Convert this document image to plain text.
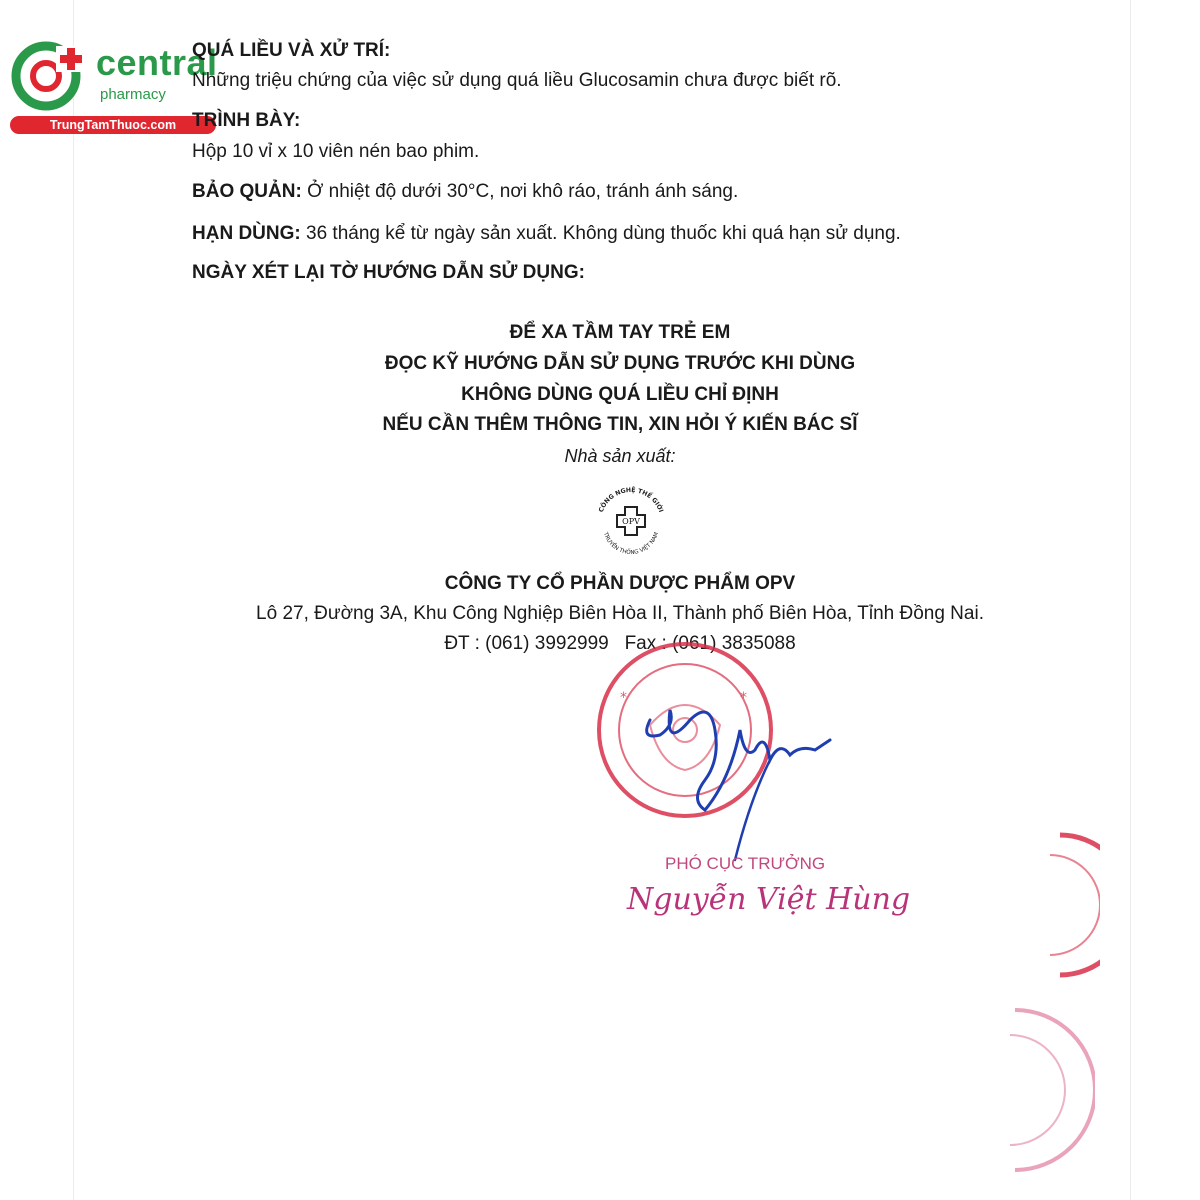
central
pharmacy
TrungTamThuoc.com
QUÁ LIỀU VÀ XỬ TRÍ:
Những triệu chứng của việc sử dụng quá liều Glucosamin chưa được biết rõ.
TRÌNH BÀY:
Hộp 10 vỉ x 10 viên nén bao phim.
BẢO QUẢN: Ở nhiệt độ dưới 30°C, nơi khô ráo, tránh ánh sáng.
HẠN DÙNG: 36 tháng kể từ ngày sản xuất. Không dùng thuốc khi quá hạn sử dụng.
NGÀY XÉT LẠI TỜ HƯỚNG DẪN SỬ DỤNG:
ĐỂ XA TẦM TAY TRẺ EM
ĐỌC KỸ HƯỚNG DẪN SỬ DỤNG TRƯỚC KHI DÙNG
KHÔNG DÙNG QUÁ LIỀU CHỈ ĐỊNH
NẾU CẦN THÊM THÔNG TIN, XIN HỎI Ý KIẾN BÁC SĨ
Nhà sản xuất:
CÔNG NGHỆ THẾ GIỚI
TRUYỀN THỐNG VIỆT NAM
OPV
CÔNG TY CỔ PHẦN DƯỢC PHẨM OPV
Lô 27, Đường 3A, Khu Công Nghiệp Biên Hòa II, Thành phố Biên Hòa, Tỉnh Đồng Nai.
ĐT : (061) 3992999   Fax : (061) 3835088
*	*
PHÓ CỤC TRƯỞNG
Nguyễn Việt Hùng
